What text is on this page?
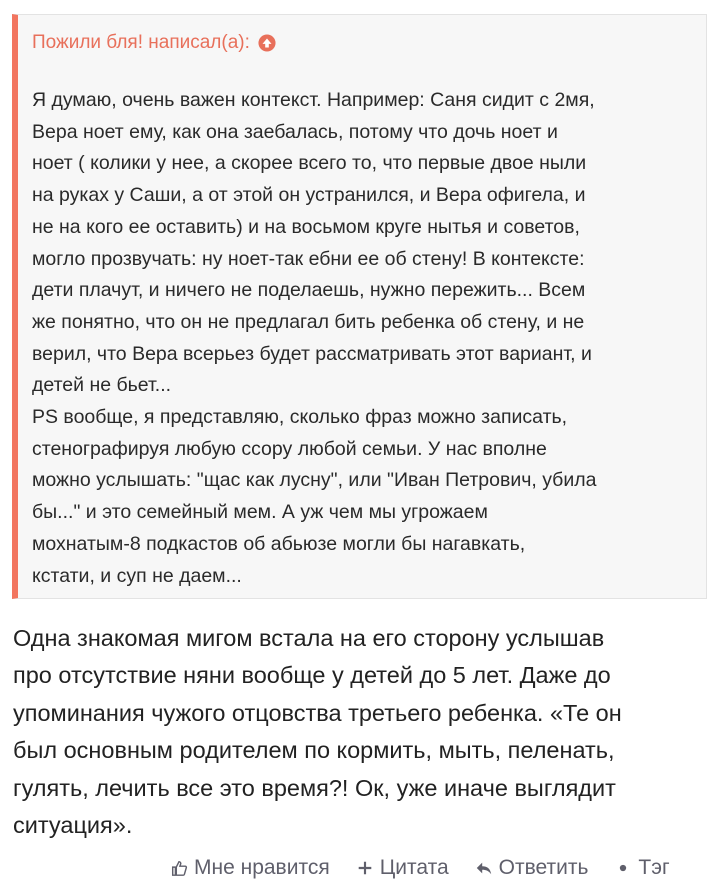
Пожили бля! написал(а):
Я думаю, очень важен контекст. Например: Саня сидит с 2мя,
Вера ноет ему, как она заебалась, потому что дочь ноет и
ноет ( колики у нее, а скорее всего то, что первые двое ныли
на руках у Саши, а от этой он устранился, и Вера офигела, и
не на кого ее оставить) и на восьмом круге нытья и советов,
могло прозвучать: ну ноет-так ебни ее об стену! В контексте:
дети плачут, и ничего не поделаешь, нужно пережить... Всем
же понятно, что он не предлагал бить ребенка об стену, и не
верил, что Вера всерьез будет рассматривать этот вариант, и
детей не бьет...
PS вообще, я представляю, сколько фраз можно записать,
стенографируя любую ссору любой семьи. У нас вполне
можно услышать: "щас как лусну", или "Иван Петрович, убила
бы..." и это семейный мем. А уж чем мы угрожаем
мохнатым-8 подкастов об абьюзе могли бы нагавкать,
кстати, и суп не даем...
Одна знакомая мигом встала на его сторону услышав
про отсутствие няни вообще у детей до 5 лет. Даже до
упоминания чужого отцовства третьего ребенка. «Те он
был основным родителем по кормить, мыть, пеленать,
гулять, лечить все это время?! Ок, уже иначе выглядит
ситуация».
Мне нравится Цитата Ответить Тэг
